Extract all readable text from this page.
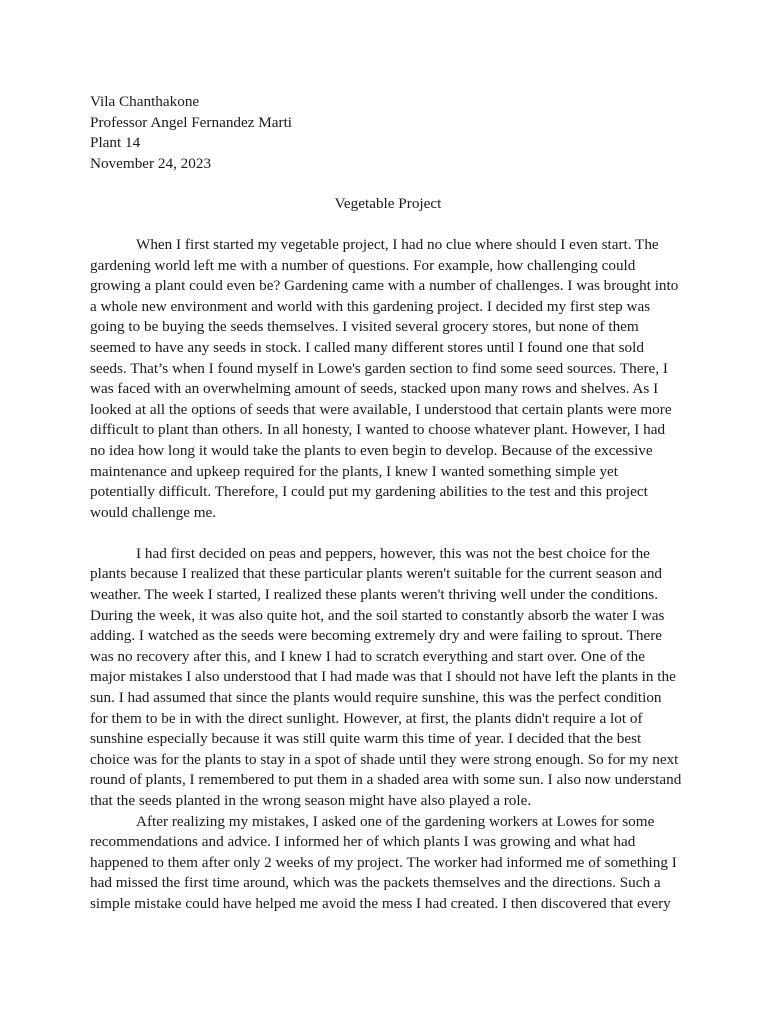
Vila Chanthakone
Professor Angel Fernandez Marti
Plant 14
November 24, 2023
Vegetable Project
When I first started my vegetable project, I had no clue where should I even start. The
gardening world left me with a number of questions. For example, how challenging could
growing a plant could even be? Gardening came with a number of challenges. I was brought into
a whole new environment and world with this gardening project. I decided my first step was
going to be buying the seeds themselves. I visited several grocery stores, but none of them
seemed to have any seeds in stock. I called many different stores until I found one that sold
seeds. That’s when I found myself in Lowe's garden section to find some seed sources. There, I
was faced with an overwhelming amount of seeds, stacked upon many rows and shelves. As I
looked at all the options of seeds that were available, I understood that certain plants were more
difficult to plant than others. In all honesty, I wanted to choose whatever plant. However, I had
no idea how long it would take the plants to even begin to develop. Because of the excessive
maintenance and upkeep required for the plants, I knew I wanted something simple yet
potentially difficult. Therefore, I could put my gardening abilities to the test and this project
would challenge me.
I had first decided on peas and peppers, however, this was not the best choice for the
plants because I realized that these particular plants weren't suitable for the current season and
weather. The week I started, I realized these plants weren't thriving well under the conditions.
During the week, it was also quite hot, and the soil started to constantly absorb the water I was
adding. I watched as the seeds were becoming extremely dry and were failing to sprout. There
was no recovery after this, and I knew I had to scratch everything and start over. One of the
major mistakes I also understood that I had made was that I should not have left the plants in the
sun. I had assumed that since the plants would require sunshine, this was the perfect condition
for them to be in with the direct sunlight. However, at first, the plants didn't require a lot of
sunshine especially because it was still quite warm this time of year. I decided that the best
choice was for the plants to stay in a spot of shade until they were strong enough. So for my next
round of plants, I remembered to put them in a shaded area with some sun. I also now understand
that the seeds planted in the wrong season might have also played a role.
After realizing my mistakes, I asked one of the gardening workers at Lowes for some
recommendations and advice. I informed her of which plants I was growing and what had
happened to them after only 2 weeks of my project. The worker had informed me of something I
had missed the first time around, which was the packets themselves and the directions. Such a
simple mistake could have helped me avoid the mess I had created. I then discovered that every
